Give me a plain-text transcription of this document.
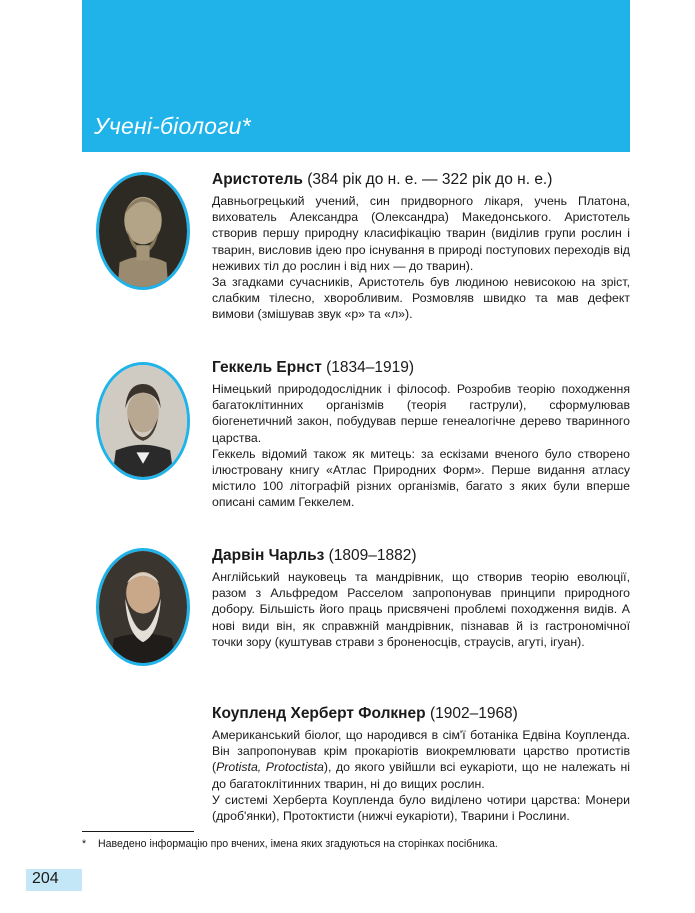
Учені-біологи*
Аристотель (384 рік до н. е. — 322 рік до н. е.)

Давньогрецький учений, син придворного лікаря, учень Платона, вихователь Александра (Олександра) Македонського. Аристотель створив першу природну класифікацію тварин (виділив групи рослин і тварин, висловив ідею про існування в природі поступових переходів від неживих тіл до рослин і від них — до тварин).

За згадками сучасників, Аристотель був людиною невисокою на зріст, слабким тілесно, хворобливим. Розмовляв швидко та мав дефект вимови (змішував звук «р» та «л»).

Геккель Ернст (1834–1919)

Німецький природодослідник і філософ. Розробив теорію походження багатоклітинних організмів (теорія гаструли), сформулював біогенетичний закон, побудував перше генеалогічне дерево тваринного царства.

Геккель відомий також як митець: за ескізами вченого було створено ілюстровану книгу «Атлас Природних Форм». Перше видання атласу містило 100 літографій різних організмів, багато з яких були вперше описані самим Геккелем.

Дарвін Чарльз (1809–1882)

Англійський науковець та мандрівник, що створив теорію еволюції, разом з Альфредом Расселом запропонував принципи природного добору. Більшість його праць присвячені проблемі походження видів. А нові види він, як справжній мандрівник, пізнавав й із гастрономічної точки зору (куштував страви з броненосців, страусів, агуті, ігуан).

Коупленд Херберт Фолкнер (1902–1968)

Американський біолог, що народився в сім'ї ботаніка Едвіна Коупленда. Він запропонував крім прокаріотів виокремлювати царство протистів (Protista, Protoctista), до якого увійшли всі еукаріоти, що не належать ні до багатоклітинних тварин, ні до вищих рослин.

У системі Херберта Коупленда було виділено чотири царства: Монери (дроб'янки), Протоктисти (нижчі еукаріоти), Тварини і Рослини.

* Наведено інформацію про вчених, імена яких згадуються на сторінках посібника.
204
